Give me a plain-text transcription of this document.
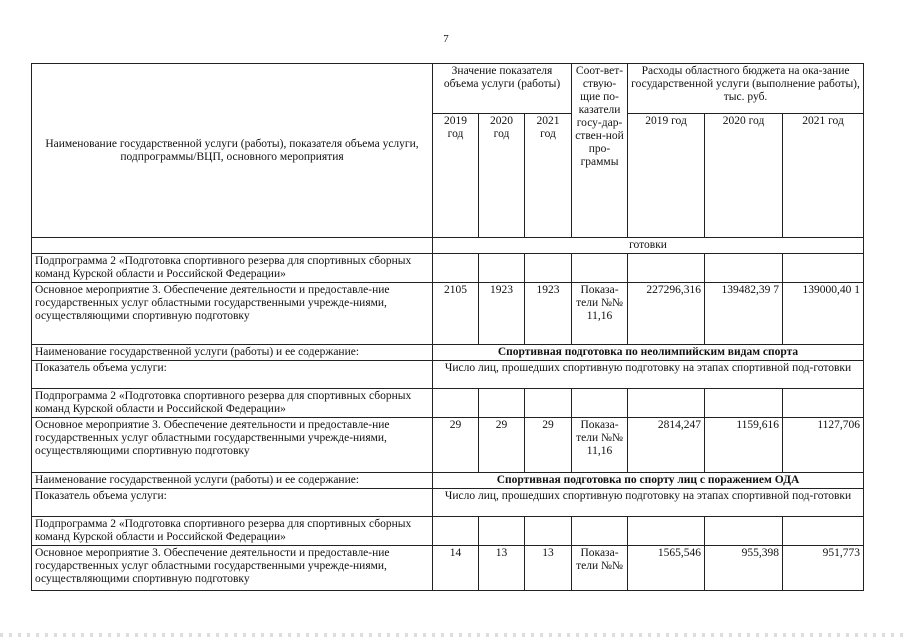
7
Наименование государственной услуги (работы), показателя объема услуги, подпрограммы/ВЦП, основного мероприятия	Значение показателя объема услуги (работы)			Соот-вет-ствую-щие по-казатели госу-дар-ствен-ной про-граммы	Расходы областного бюджета на ока-зание государственной услуги (выполнение работы), тыс. руб.		
	2019 год	2020 год	2021 год		2019 год	2020 год	2021 год
	готовки						
Подпрограмма 2 «Подготовка спортивного резерва для спортивных сборных команд Курской области и Российской Федерации»							
Основное мероприятие 3. Обеспечение деятельности и предоставле-ние государственных услуг областными государственными учрежде-ниями, осуществляющими спортивную подготовку	2105	1923	1923	Показа-тели №№ 11,16	227296,316	139482,39 7	139000,40 1
Наименование государственной услуги (работы) и ее содержание:	Спортивная подготовка по неолимпийским видам спорта						
Показатель объема услуги:	Число лиц, прошедших спортивную подготовку на этапах спортивной под-готовки						
Подпрограмма 2 «Подготовка спортивного резерва для спортивных сборных команд Курской области и Российской Федерации»							
Основное мероприятие 3. Обеспечение деятельности и предоставле-ние государственных услуг областными государственными учрежде-ниями, осуществляющими спортивную подготовку	29	29	29	Показа-тели №№ 11,16	2814,247	1159,616	1127,706
Наименование государственной услуги (работы) и ее содержание:	Спортивная подготовка по спорту лиц с поражением ОДА						
Показатель объема услуги:	Число лиц, прошедших спортивную подготовку на этапах спортивной под-готовки						
Подпрограмма 2 «Подготовка спортивного резерва для спортивных сборных команд Курской области и Российской Федерации»							
Основное мероприятие 3. Обеспечение деятельности и предоставле-ние государственных услуг областными государственными учрежде-ниями, осуществляющими спортивную подготовку	14	13	13	Показа-тели №№	1565,546	955,398	951,773
